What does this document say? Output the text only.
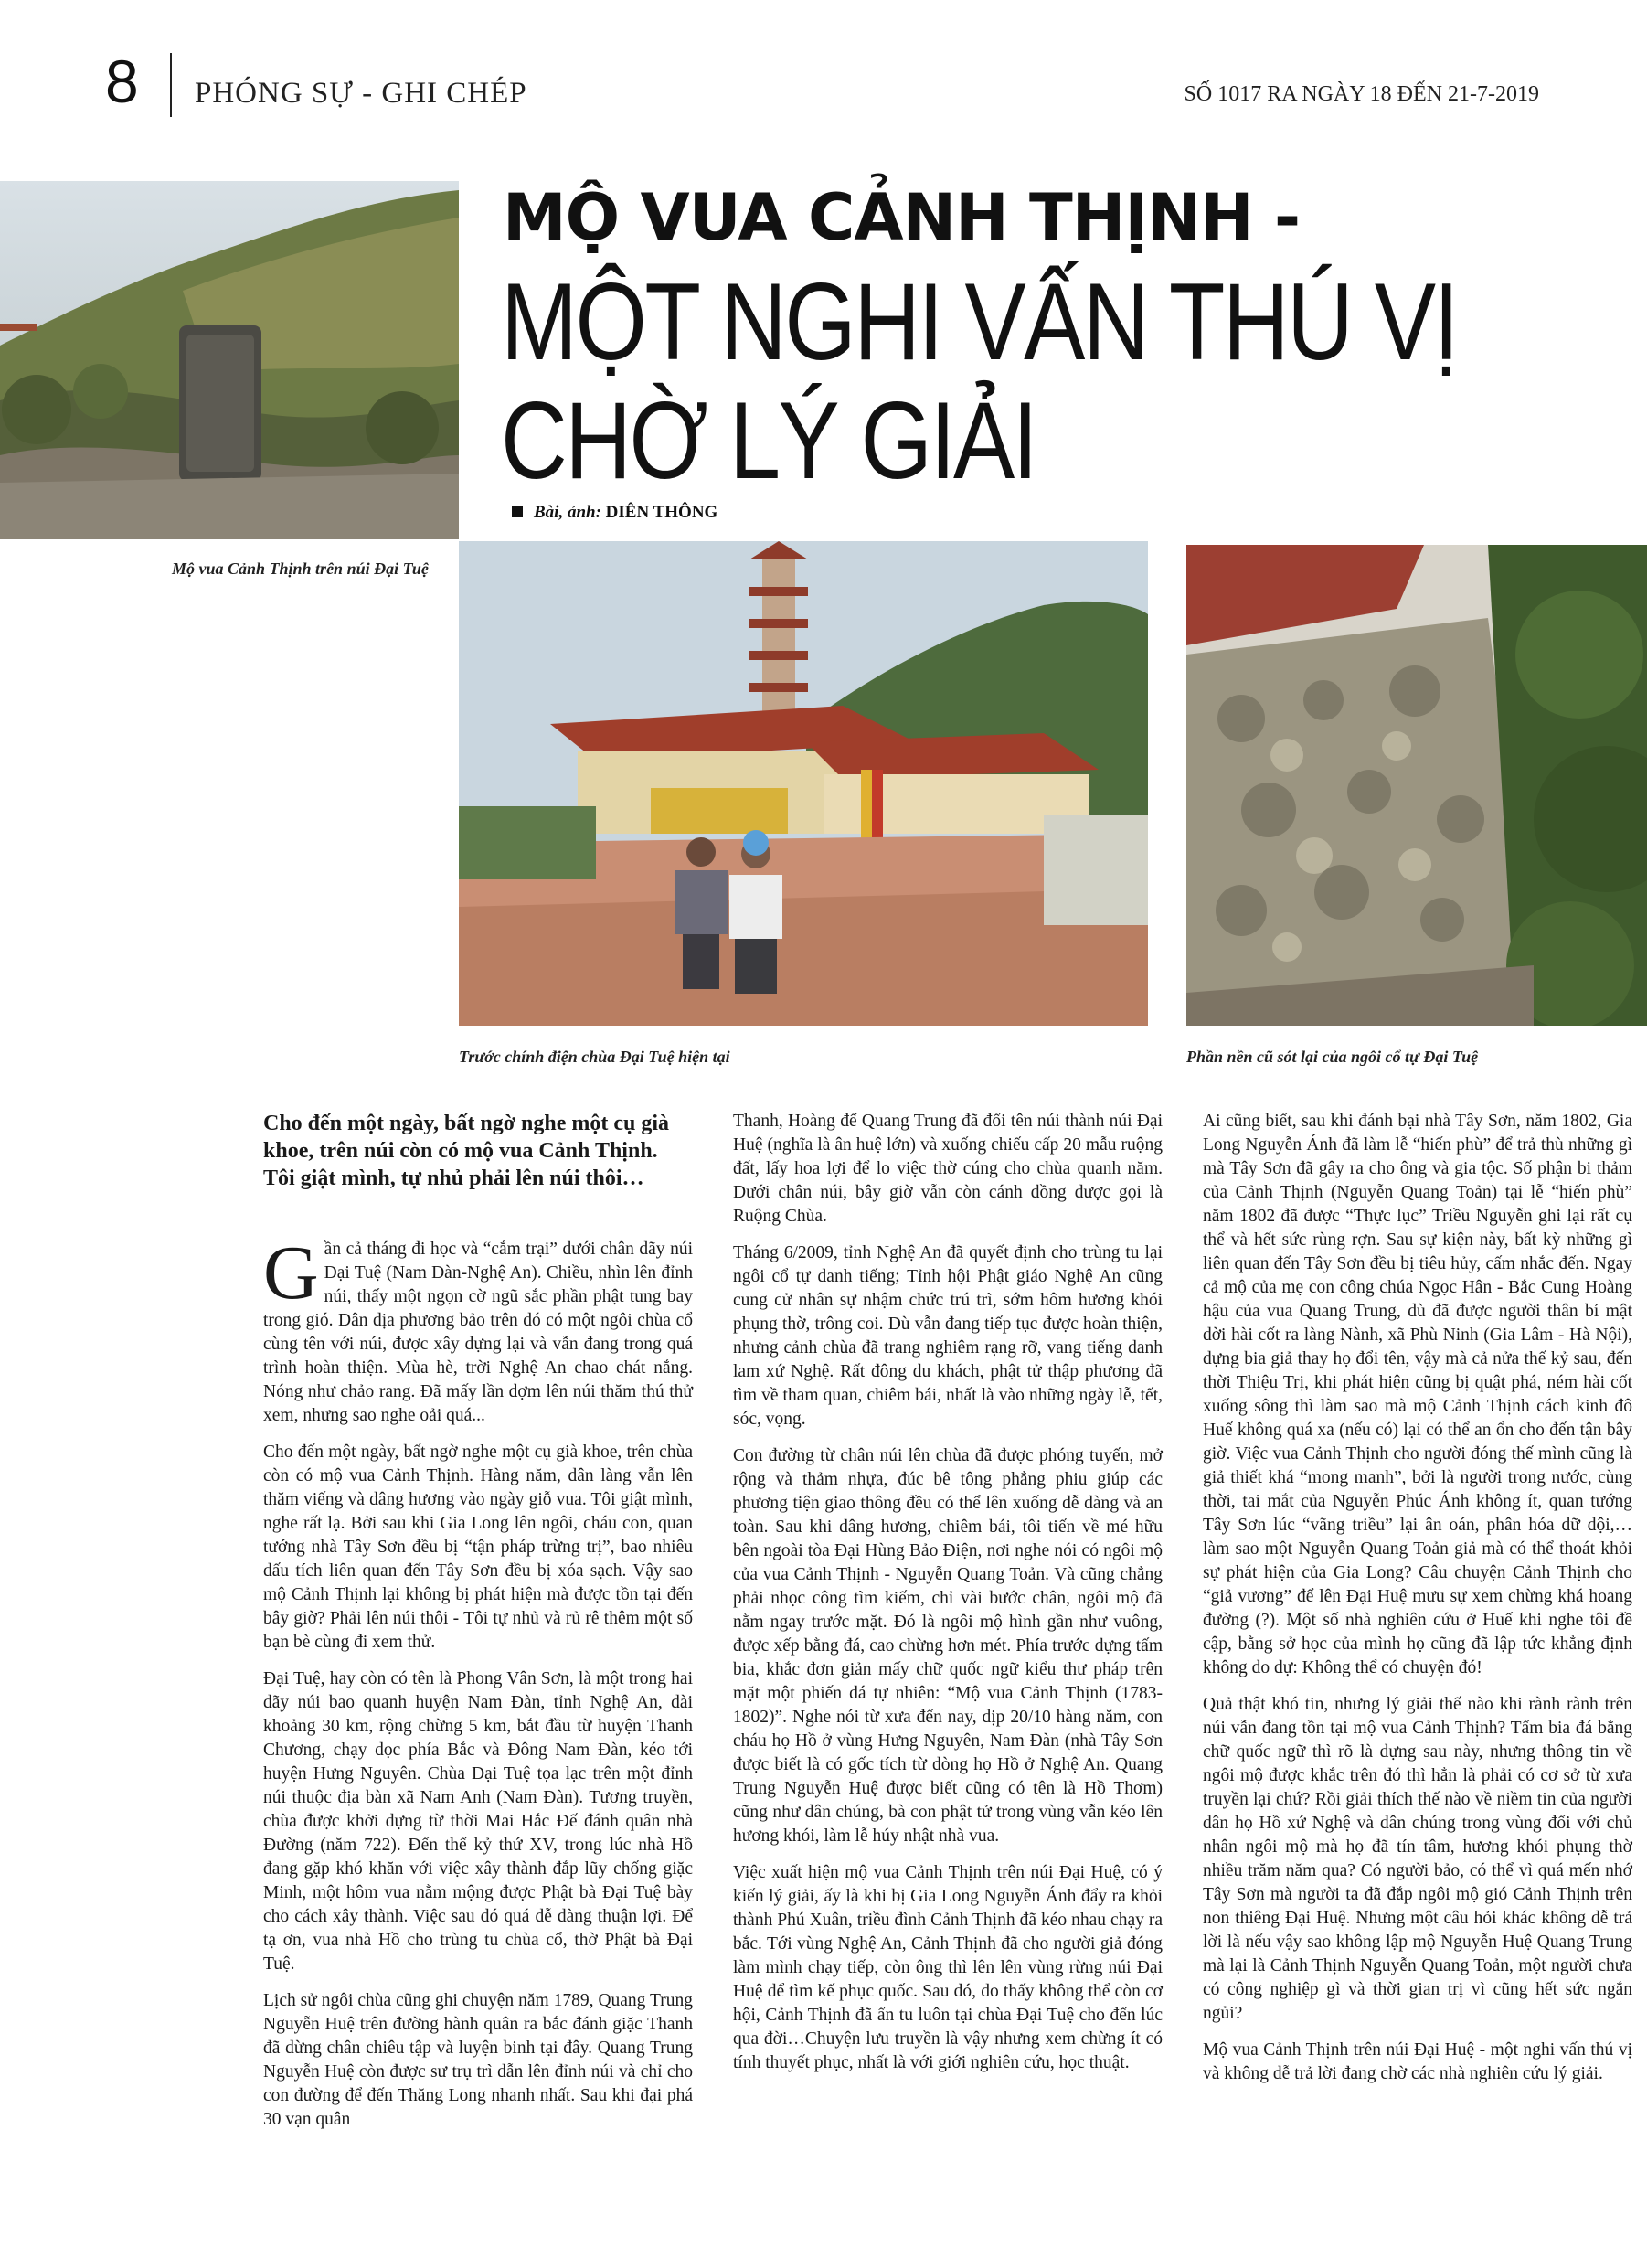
8 PHÓNG SỰ - GHI CHÉP	SỐ 1017 RA NGÀY 18 ĐẾN 21-7-2019
Mộ vua Cảnh Thịnh trên núi Đại Tuệ
MỘ VUA CẢNH THỊNH -
MỘT NGHI VẤN THÚ VỊ
CHỜ LÝ GIẢI
Bài, ảnh: DIÊN THÔNG
Trước chính điện chùa Đại Tuệ hiện tại	Phần nền cũ sót lại của ngôi cổ tự Đại Tuệ

Cho đến một ngày, bất ngờ nghe một cụ già khoe, trên núi còn có mộ vua Cảnh Thịnh. Tôi giật mình, tự nhủ phải lên núi thôi…

Gần cả tháng đi học và “cắm trại” dưới chân dãy núi Đại Tuệ (Nam Đàn-Nghệ An). Chiều, nhìn lên đỉnh núi, thấy một ngọn cờ ngũ sắc phần phật tung bay trong gió. Dân địa phương bảo trên đó có một ngôi chùa cổ cùng tên với núi, được xây dựng lại và vẫn đang trong quá trình hoàn thiện. Mùa hè, trời Nghệ An chao chát nắng. Nóng như chảo rang. Đã mấy lần dợm lên núi thăm thú thử xem, nhưng sao nghe oải quá...

Cho đến một ngày, bất ngờ nghe một cụ già khoe, trên chùa còn có mộ vua Cảnh Thịnh. Hàng năm, dân làng vẫn lên thăm viếng và dâng hương vào ngày giỗ vua. Tôi giật mình, nghe rất lạ. Bởi sau khi Gia Long lên ngôi, cháu con, quan tướng nhà Tây Sơn đều bị “tận pháp trừng trị”, bao nhiêu dấu tích liên quan đến Tây Sơn đều bị xóa sạch. Vậy sao mộ Cảnh Thịnh lại không bị phát hiện mà được tồn tại đến bây giờ? Phải lên núi thôi - Tôi tự nhủ và rủ rê thêm một số bạn bè cùng đi xem thử.

Đại Tuệ, hay còn có tên là Phong Vân Sơn, là một trong hai dãy núi bao quanh huyện Nam Đàn, tỉnh Nghệ An, dài khoảng 30 km, rộng chừng 5 km, bắt đầu từ huyện Thanh Chương, chạy dọc phía Bắc và Đông Nam Đàn, kéo tới huyện Hưng Nguyên. Chùa Đại Tuệ tọa lạc trên một đỉnh núi thuộc địa bàn xã Nam Anh (Nam Đàn). Tương truyền, chùa được khởi dựng từ thời Mai Hắc Đế đánh quân nhà Đường (năm 722). Đến thế kỷ thứ XV, trong lúc nhà Hồ đang gặp khó khăn với việc xây thành đắp lũy chống giặc Minh, một hôm vua nằm mộng được Phật bà Đại Tuệ bày cho cách xây thành. Việc sau đó quá dễ dàng thuận lợi. Để tạ ơn, vua nhà Hồ cho trùng tu chùa cổ, thờ Phật bà Đại Tuệ.

Lịch sử ngôi chùa cũng ghi chuyện năm 1789, Quang Trung Nguyễn Huệ trên đường hành quân ra bắc đánh giặc Thanh đã dừng chân chiêu tập và luyện binh tại đây. Quang Trung Nguyễn Huệ còn được sư trụ trì dẫn lên đỉnh núi và chỉ cho con đường để đến Thăng Long nhanh nhất. Sau khi đại phá 30 vạn quân

Thanh, Hoàng đế Quang Trung đã đổi tên núi thành núi Đại Huệ (nghĩa là ân huệ lớn) và xuống chiếu cấp 20 mẫu ruộng đất, lấy hoa lợi để lo việc thờ cúng cho chùa quanh năm. Dưới chân núi, bây giờ vẫn còn cánh đồng được gọi là Ruộng Chùa.

Tháng 6/2009, tỉnh Nghệ An đã quyết định cho trùng tu lại ngôi cổ tự danh tiếng; Tỉnh hội Phật giáo Nghệ An cũng cung cử nhân sự nhậm chức trú trì, sớm hôm hương khói phụng thờ, trông coi. Dù vẫn đang tiếp tục được hoàn thiện, nhưng cảnh chùa đã trang nghiêm rạng rỡ, vang tiếng danh lam xứ Nghệ. Rất đông du khách, phật tử thập phương đã tìm về tham quan, chiêm bái, nhất là vào những ngày lễ, tết, sóc, vọng.

Con đường từ chân núi lên chùa đã được phóng tuyến, mở rộng và thảm nhựa, đúc bê tông phẳng phiu giúp các phương tiện giao thông đều có thể lên xuống dễ dàng và an toàn. Sau khi dâng hương, chiêm bái, tôi tiến về mé hữu bên ngoài tòa Đại Hùng Bảo Điện, nơi nghe nói có ngôi mộ của vua Cảnh Thịnh - Nguyễn Quang Toản. Và cũng chẳng phải nhọc công tìm kiếm, chỉ vài bước chân, ngôi mộ đã nằm ngay trước mặt. Đó là ngôi mộ hình gần như vuông, được xếp bằng đá, cao chừng hơn mét. Phía trước dựng tấm bia, khắc đơn giản mấy chữ quốc ngữ kiểu thư pháp trên mặt một phiến đá tự nhiên: “Mộ vua Cảnh Thịnh (1783-1802)”. Nghe nói từ xưa đến nay, dịp 20/10 hàng năm, con cháu họ Hồ ở vùng Hưng Nguyên, Nam Đàn (nhà Tây Sơn được biết là có gốc tích từ dòng họ Hồ ở Nghệ An. Quang Trung Nguyễn Huệ được biết cũng có tên là Hồ Thơm) cũng như dân chúng, bà con phật tử trong vùng vẫn kéo lên hương khói, làm lễ húy nhật nhà vua.

Việc xuất hiện mộ vua Cảnh Thịnh trên núi Đại Huệ, có ý kiến lý giải, ấy là khi bị Gia Long Nguyễn Ánh đẩy ra khỏi thành Phú Xuân, triều đình Cảnh Thịnh đã kéo nhau chạy ra bắc. Tới vùng Nghệ An, Cảnh Thịnh đã cho người giả đóng làm mình chạy tiếp, còn ông thì lên lên vùng rừng núi Đại Huệ để tìm kế phục quốc. Sau đó, do thấy không thể còn cơ hội, Cảnh Thịnh đã ẩn tu luôn tại chùa Đại Tuệ cho đến lúc qua đời…Chuyện lưu truyền là vậy nhưng xem chừng ít có tính thuyết phục, nhất là với giới nghiên cứu, học thuật.

Ai cũng biết, sau khi đánh bại nhà Tây Sơn, năm 1802, Gia Long Nguyễn Ánh đã làm lễ “hiến phù” để trả thù những gì mà Tây Sơn đã gây ra cho ông và gia tộc. Số phận bi thảm của Cảnh Thịnh (Nguyễn Quang Toản) tại lễ “hiến phù” năm 1802 đã được “Thực lục” Triều Nguyễn ghi lại rất cụ thể và hết sức rùng rợn. Sau sự kiện này, bất kỳ những gì liên quan đến Tây Sơn đều bị tiêu hủy, cấm nhắc đến. Ngay cả mộ của mẹ con công chúa Ngọc Hân - Bắc Cung Hoàng hậu của vua Quang Trung, dù đã được người thân bí mật dời hài cốt ra làng Nành, xã Phù Ninh (Gia Lâm - Hà Nội), dựng bia giả thay họ đổi tên, vậy mà cả nửa thế kỷ sau, đến thời Thiệu Trị, khi phát hiện cũng bị quật phá, ném hài cốt xuống sông thì làm sao mà mộ Cảnh Thịnh cách kinh đô Huế không quá xa (nếu có) lại có thể an ổn cho đến tận bây giờ. Việc vua Cảnh Thịnh cho người đóng thế mình cũng là giả thiết khá “mong manh”, bởi là người trong nước, cùng thời, tai mắt của Nguyễn Phúc Ánh không ít, quan tướng Tây Sơn lúc “vãng triều” lại ân oán, phân hóa dữ dội,… làm sao một Nguyễn Quang Toản giả mà có thể thoát khỏi sự phát hiện của Gia Long? Câu chuyện Cảnh Thịnh cho “giả vương” để lên Đại Huệ mưu sự xem chừng khá hoang đường (?). Một số nhà nghiên cứu ở Huế khi nghe tôi đề cập, bằng sở học của mình họ cũng đã lập tức khẳng định không do dự: Không thể có chuyện đó!

Quả thật khó tin, nhưng lý giải thế nào khi rành rành trên núi vẫn đang tồn tại mộ vua Cảnh Thịnh? Tấm bia đá bằng chữ quốc ngữ thì rõ là dựng sau này, nhưng thông tin về ngôi mộ được khắc trên đó thì hẳn là phải có cơ sở từ xưa truyền lại chứ? Rồi giải thích thế nào về niềm tin của người dân họ Hồ xứ Nghệ và dân chúng trong vùng đối với chủ nhân ngôi mộ mà họ đã tín tâm, hương khói phụng thờ nhiều trăm năm qua? Có người bảo, có thể vì quá mến nhớ Tây Sơn mà người ta đã đắp ngôi mộ gió Cảnh Thịnh trên non thiêng Đại Huệ. Nhưng một câu hỏi khác không dễ trả lời là nếu vậy sao không lập mộ Nguyễn Huệ Quang Trung mà lại là Cảnh Thịnh Nguyễn Quang Toản, một người chưa có công nghiệp gì và thời gian trị vì cũng hết sức ngắn ngủi?

Mộ vua Cảnh Thịnh trên núi Đại Huệ - một nghi vấn thú vị và không dễ trả lời đang chờ các nhà nghiên cứu lý giải.
